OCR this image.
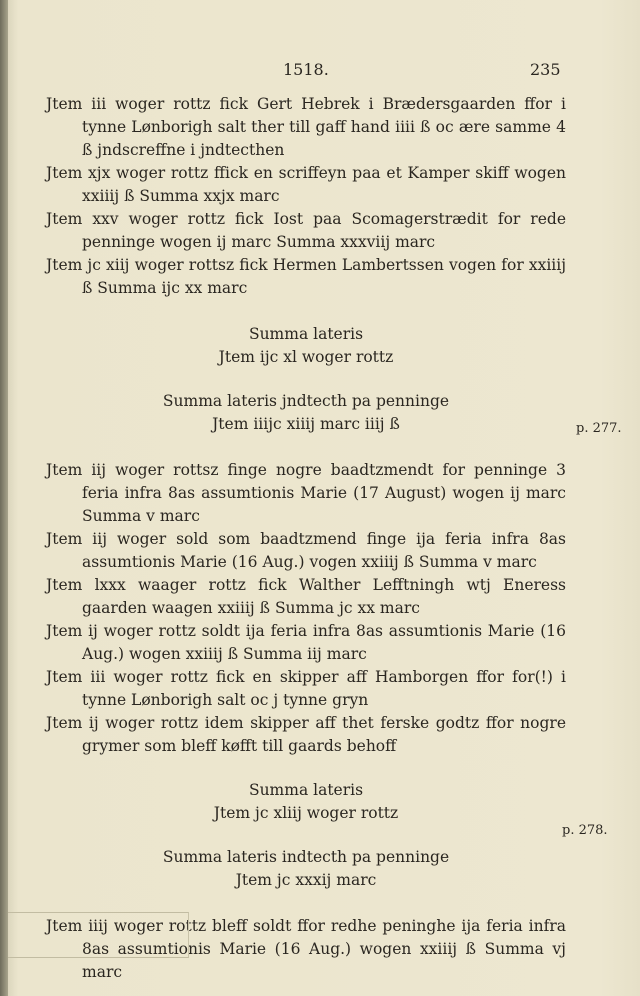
1518.	235

Jtem iii woger rottz fick Gert Hebrek i Brædersgaarden ffor i tynne Lønborigh salt ther till gaff hand iiii ß oc ære samme 4 ß jndscreffne i jndtecthen

Jtem xjx woger rottz ffick en scriffeyn paa et Kamper skiff wogen xxiiij ß Summa xxjx marc

Jtem xxv woger rottz fick Iost paa Scomagerstrædit for rede penninge wogen ij marc Summa xxxviij marc

Jtem jc xiij woger rottsz fick Hermen Lambertssen vogen for xxiiij ß Summa ijc xx marc

Summa lateris

Jtem ijc xl woger rottz

Summa lateris jndtecth pa penninge

Jtem iiijc xiiij marc iiij ß

Jtem iij woger rottsz finge nogre baadtzmendt for penninge 3 feria infra 8as assumtionis Marie (17 August) wogen ij marc Summa v marc

Jtem iij woger sold som baadtzmend finge ija feria infra 8as assumtionis Marie (16 Aug.) vogen xxiiij ß Summa v marc

Jtem lxxx waager rottz fick Walther Lefftningh wtj Eneress gaarden waagen xxiiij ß Summa jc xx marc

Jtem ij woger rottz soldt ija feria infra 8as assumtionis Marie (16 Aug.) wogen xxiiij ß Summa iij marc

Jtem iii woger rottz fick en skipper aff Hamborgen ffor for(!) i tynne Lønborigh salt oc j tynne gryn

Jtem ij woger rottz idem skipper aff thet ferske godtz ffor nogre grymer som bleff køfft till gaards behoff

Summa lateris

Jtem jc xliij woger rottz

Summa lateris indtecth pa penninge

Jtem jc xxxij marc

Jtem iiij woger rottz bleff soldt ffor redhe peninghe ija feria infra 8as assumtionis Marie (16 Aug.) wogen xxiiij ß Summa vj marc

p. 277.
p. 278.
